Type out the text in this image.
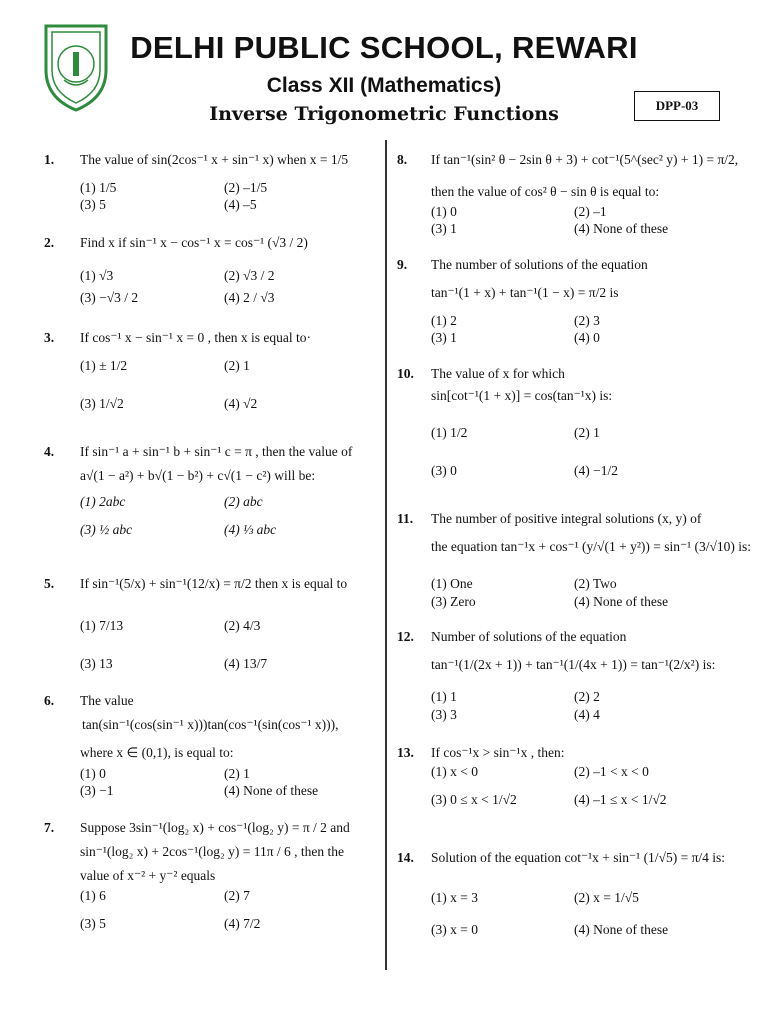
DELHI PUBLIC SCHOOL, REWARI
Class XII (Mathematics)
Inverse Trigonometric Functions	DPP-03
1. The value of sin(2cos⁻¹ x + sin⁻¹ x) when x = 1/5
(1) 1/5	(2) –1/5
(3) 5	(4) –5
2. Find x if sin⁻¹ x − cos⁻¹ x = cos⁻¹ (√3 / 2)
(1) √3	(2) √3 / 2
(3) −√3 / 2	(4) 2 / √3
3. If cos⁻¹ x − sin⁻¹ x = 0 , then x is equal to·
(1) ± 1/2	(2) 1
(3) 1/√2	(4) √2
4. If sin⁻¹ a + sin⁻¹ b + sin⁻¹ c = π , then the value of
a√(1 − a²) + b√(1 − b²) + c√(1 − c²) will be:
(1) 2abc	(2) abc
(3) ½ abc	(4) ⅓ abc
5. If sin⁻¹(5/x) + sin⁻¹(12/x) = π/2 then x is equal to
(1) 7/13	(2) 4/3
(3) 13	(4) 13/7
6. The value
tan(sin⁻¹(cos(sin⁻¹ x)))tan(cos⁻¹(sin(cos⁻¹ x))),
where x ∈ (0,1), is equal to:
(1) 0	(2) 1
(3) −1	(4) None of these
7. Suppose 3sin⁻¹(log₂ x) + cos⁻¹(log₂ y) = π / 2 and
sin⁻¹(log₂ x) + 2cos⁻¹(log₂ y) = 11π / 6 , then the
value of x⁻² + y⁻² equals
(1) 6	(2) 7
(3) 5	(4) 7/2
8. If tan⁻¹(sin² θ − 2sin θ + 3) + cot⁻¹(5^(sec² y) + 1) = π/2,
then the value of cos² θ − sin θ is equal to:
(1) 0	(2) –1
(3) 1	(4) None of these
9. The number of solutions of the equation
tan⁻¹(1 + x) + tan⁻¹(1 − x) = π/2 is
(1) 2	(2) 3
(3) 1	(4) 0
10. The value of x for which
sin[cot⁻¹(1 + x)] = cos(tan⁻¹x) is:
(1) 1/2	(2) 1
(3) 0	(4) −1/2
11. The number of positive integral solutions (x, y) of
the equation tan⁻¹x + cos⁻¹ (y/√(1 + y²)) = sin⁻¹ (3/√10) is:
(1) One	(2) Two
(3) Zero	(4) None of these
12. Number of solutions of the equation
tan⁻¹(1/(2x + 1)) + tan⁻¹(1/(4x + 1)) = tan⁻¹(2/x²) is:
(1) 1	(2) 2
(3) 3	(4) 4
13. If cos⁻¹x > sin⁻¹x , then:
(1) x < 0	(2) –1 < x < 0
(3) 0 ≤ x < 1/√2	(4) –1 ≤ x < 1/√2
14. Solution of the equation cot⁻¹x + sin⁻¹ (1/√5) = π/4 is:
(1) x = 3	(2) x = 1/√5
(3) x = 0	(4) None of these
